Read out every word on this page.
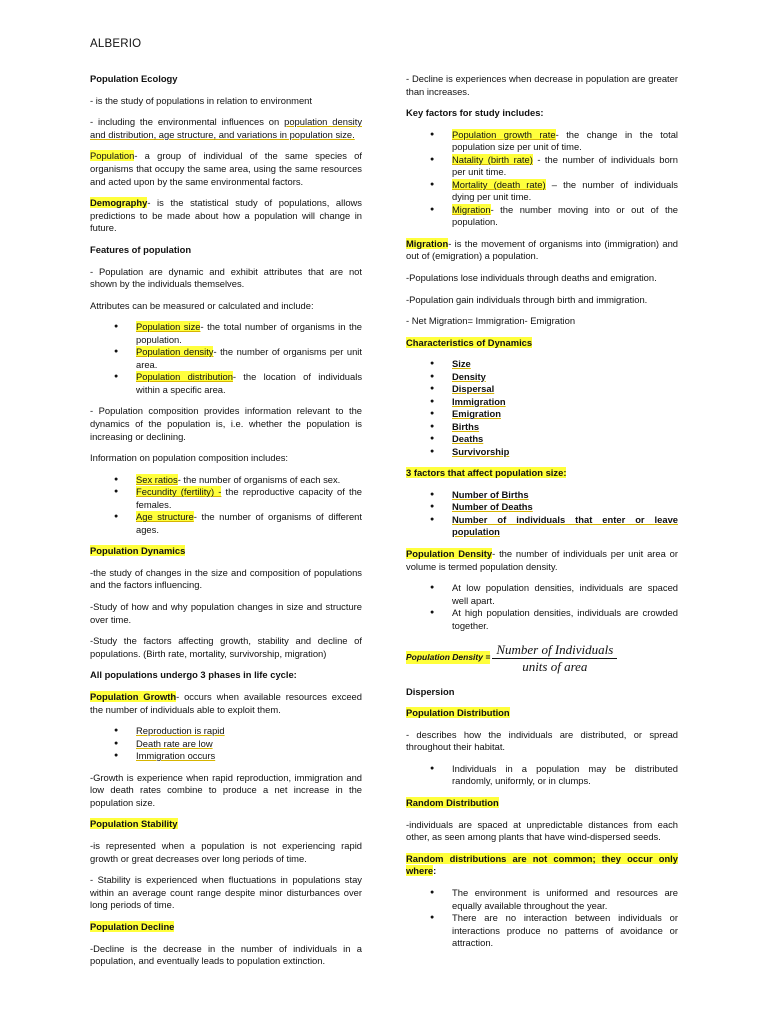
ALBERIO

Population Ecology

- is the study of populations in relation to environment

- including the environmental influences on population density and distribution, age structure, and variations in population size.

Population- a group of individual of the same species of organisms that occupy the same area, using the same resources and acted upon by the same environmental factors.

Demography- is the statistical study of populations, allows predictions to be made about how a population will change in future.

Features of population

- Population are dynamic and exhibit attributes that are not shown by the individuals themselves.

Attributes can be measured or calculated and include:

● Population size- the total number of organisms in the population.
● Population density- the number of organisms per unit area.
● Population distribution- the location of individuals within a specific area.

- Population composition provides information relevant to the dynamics of the population is, i.e. whether the population is increasing or declining.

Information on population composition includes:

● Sex ratios- the number of organisms of each sex.
● Fecundity (fertility) - the reproductive capacity of the females.
● Age structure- the number of organisms of different ages.

Population Dynamics

-the study of changes in the size and composition of populations and the factors influencing.

-Study of how and why population changes in size and structure over time.

-Study the factors affecting growth, stability and decline of populations. (Birth rate, mortality, survivorship, migration)

All populations undergo 3 phases in life cycle:

Population Growth- occurs when available resources exceed the number of individuals able to exploit them.

● Reproduction is rapid
● Death rate are low
● Immigration occurs

-Growth is experience when rapid reproduction, immigration and low death rates combine to produce a net increase in the population size.

Population Stability

-is represented when a population is not experiencing rapid growth or great decreases over long periods of time.

- Stability is experienced when fluctuations in populations stay within an average count range despite minor disturbances over long periods of time.

Population Decline

-Decline is the decrease in the number of individuals in a population, and eventually leads to population extinction.

- Decline is experiences when decrease in population are greater than increases.

Key factors for study includes:

● Population growth rate- the change in the total population size per unit of time.
● Natality (birth rate) - the number of individuals born per unit time.
● Mortality (death rate) – the number of individuals dying per unit time.
● Migration- the number moving into or out of the population.

Migration- is the movement of organisms into (immigration) and out of (emigration) a population.

-Populations lose individuals through deaths and emigration.

-Population gain individuals through birth and immigration.

- Net Migration= Immigration- Emigration

Characteristics of Dynamics

● Size
● Density
● Dispersal
● Immigration
● Emigration
● Births
● Deaths
● Survivorship

3 factors that affect population size:

● Number of Births
● Number of Deaths
● Number of individuals that enter or leave population

Population Density- the number of individuals per unit area or volume is termed population density.

● At low population densities, individuals are spaced well apart.
● At high population densities, individuals are crowded together.
Population Density = $\frac{\text{Number of Individuals}}{\text{units of area}}$

Dispersion

Population Distribution

- describes how the individuals are distributed, or spread throughout their habitat.

● Individuals in a population may be distributed randomly, uniformly, or in clumps.

Random Distribution

-individuals are spaced at unpredictable distances from each other, as seen among plants that have wind-dispersed seeds.

Random distributions are not common; they occur only where:

● The environment is uniformed and resources are equally available throughout the year.
● There are no interaction between individuals or interactions produce no patterns of avoidance or attraction.
